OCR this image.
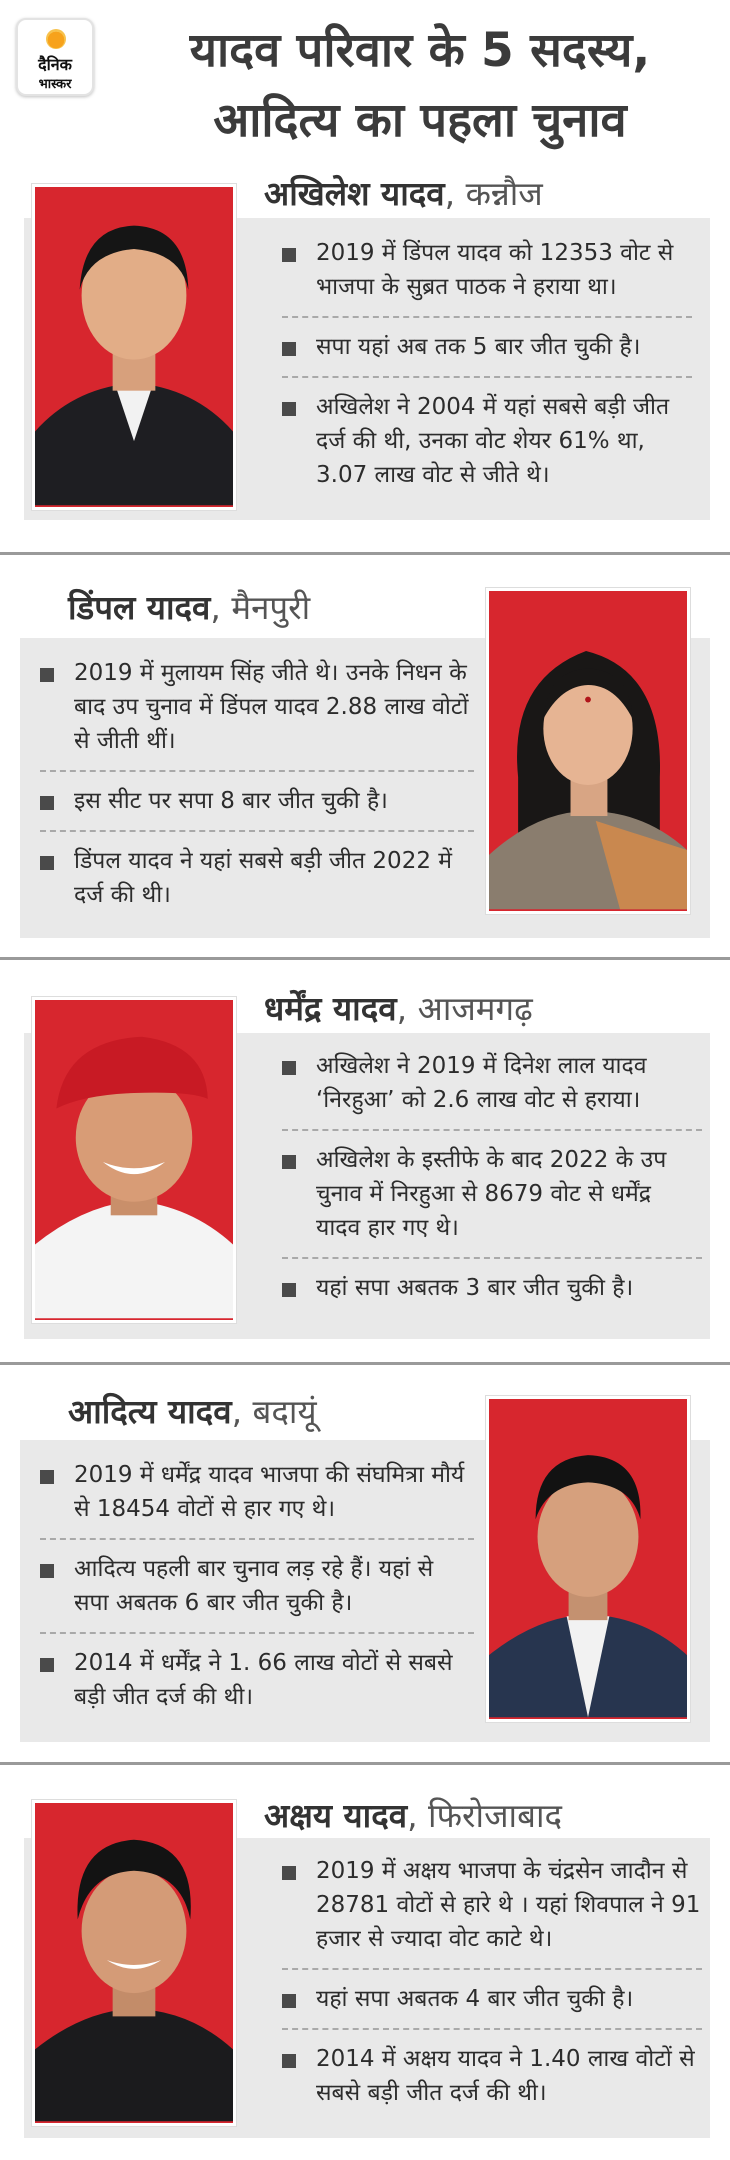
दैनिक
भास्कर
यादव परिवार के 5 सदस्य,
आदित्य का पहला चुनाव
अखिलेश यादव, कन्नौज
2019 में डिंपल यादव को 12353 वोट से भाजपा के सुब्रत पाठक ने हराया था।
सपा यहां अब तक 5 बार जीत चुकी है।
अखिलेश ने 2004 में यहां सबसे बड़ी जीत दर्ज की थी, उनका वोट शेयर 61% था, 3.07 लाख वोट से जीते थे।
डिंपल यादव, मैनपुरी
2019 में मुलायम सिंह जीते थे। उनके निधन के बाद उप चुनाव में डिंपल यादव 2.88 लाख वोटों से जीती थीं।
इस सीट पर सपा 8 बार जीत चुकी है।
डिंपल यादव ने यहां सबसे बड़ी जीत 2022 में दर्ज की थी।
धर्मेंद्र यादव, आजमगढ़
अखिलेश ने 2019 में दिनेश लाल यादव ‘निरहुआ’ को 2.6 लाख वोट से हराया।
अखिलेश के इस्तीफे के बाद 2022 के उप चुनाव में निरहुआ से 8679 वोट से धर्मेंद्र यादव हार गए थे।
यहां सपा अबतक 3 बार जीत चुकी है।
आदित्य यादव, बदायूं
2019 में धर्मेंद्र यादव भाजपा की संघमित्रा मौर्य से 18454 वोटों से हार गए थे।
आदित्य पहली बार चुनाव लड़ रहे हैं। यहां से सपा अबतक 6 बार जीत चुकी है।
2014 में धर्मेंद्र ने 1. 66 लाख वोटों से सबसे बड़ी जीत दर्ज की थी।
अक्षय यादव, फिरोजाबाद
2019 में अक्षय भाजपा के चंद्रसेन जादौन से 28781 वोटों से हारे थे । यहां शिवपाल ने 91 हजार से ज्यादा वोट काटे थे।
यहां सपा अबतक 4 बार जीत चुकी है।
2014 में अक्षय यादव ने 1.40 लाख वोटों से सबसे बड़ी जीत दर्ज की थी।
